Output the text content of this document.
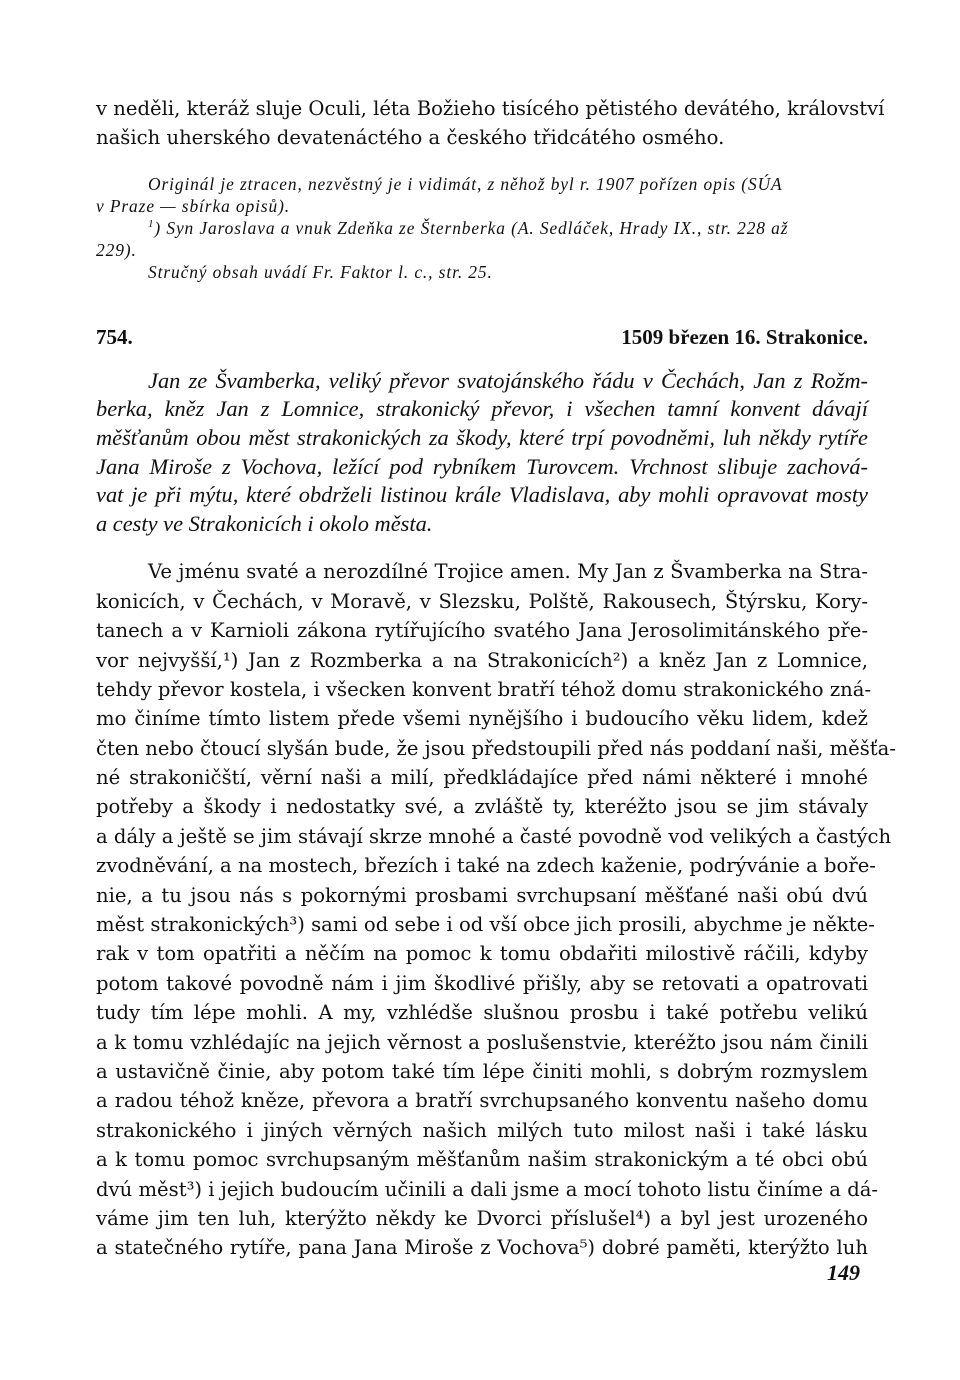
v neděli, kteráž sluje Oculi, léta Božieho tisícého pětistého devátého, království
našich uherského devatenáctého a českého třidcátého osmého.
Originál je ztracen, nezvěstný je i vidimát, z něhož byl r. 1907 pořízen opis (SÚA
v Praze — sbírka opisů).
$^1$) Syn Jaroslava a vnuk Zdeňka ze Šternberka (A. Sedláček, Hrady IX., str. 228 až
229).
Stručný obsah uvádí Fr. Faktor l. c., str. 25.
754.	1509 březen 16. Strakonice.
Jan ze Švamberka, veliký převor svatojánského řádu v Čechách, Jan z Rožm-
berka, kněz Jan z Lomnice, strakonický převor, i všechen tamní konvent dávají
měšťanům obou měst strakonických za škody, které trpí povodněmi, luh někdy rytíře
Jana Miroše z Vochova, ležící pod rybníkem Turovcem. Vrchnost slibuje zachová-
vat je při mýtu, které obdrželi listinou krále Vladislava, aby mohli opravovat mosty
a cesty ve Strakonicích i okolo města.
Ve jménu svaté a nerozdílné Trojice amen. My Jan z Švamberka na Stra-
konicích, v Čechách, v Moravě, v Slezsku, Polště, Rakousech, Štýrsku, Kory-
tanech a v Karnioli zákona rytířujícího svatého Jana Jerosolimitánského pře-
vor nejvyšší,¹) Jan z Rozmberka a na Strakonicích²) a kněz Jan z Lomnice,
tehdy převor kostela, i všecken konvent bratří téhož domu strakonického zná-
mo činíme tímto listem přede všemi nynějšího i budoucího věku lidem, kdež
čten nebo čtoucí slyšán bude, že jsou předstoupili před nás poddaní naši, měšťa-
né strakoničští, věrní naši a milí, předkládajíce před námi některé i mnohé
potřeby a škody i nedostatky své, a zvláště ty, kteréžto jsou se jim stávaly
a dály a ještě se jim stávají skrze mnohé a časté povodně vod velikých a častých
zvodněvání, a na mostech, březích i také na zdech kaženie, podrývánie a boře-
nie, a tu jsou nás s pokornými prosbami svrchupsaní měšťané naši obú dvú
měst strakonických³) sami od sebe i od vší obce jich prosili, abychme je někte-
rak v tom opatřiti a něčím na pomoc k tomu obdařiti milostivě ráčili, kdyby
potom takové povodně nám i jim škodlivé přišly, aby se retovati a opatrovati
tudy tím lépe mohli. A my, vzhlédše slušnou prosbu i také potřebu velikú
a k tomu vzhlédajíc na jejich věrnost a poslušenstvie, kteréžto jsou nám činili
a ustavičně činie, aby potom také tím lépe činiti mohli, s dobrým rozmyslem
a radou téhož kněze, převora a bratří svrchupsaného konventu našeho domu
strakonického i jiných věrných našich milých tuto milost naši i také lásku
a k tomu pomoc svrchupsaným měšťanům našim strakonickým a té obci obú
dvú měst³) i jejich budoucím učinili a dali jsme a mocí tohoto listu činíme a dá-
váme jim ten luh, kterýžto někdy ke Dvorci příslušel⁴) a byl jest urozeného
a statečného rytíře, pana Jana Miroše z Vochova⁵) dobré paměti, kterýžto luh
149
